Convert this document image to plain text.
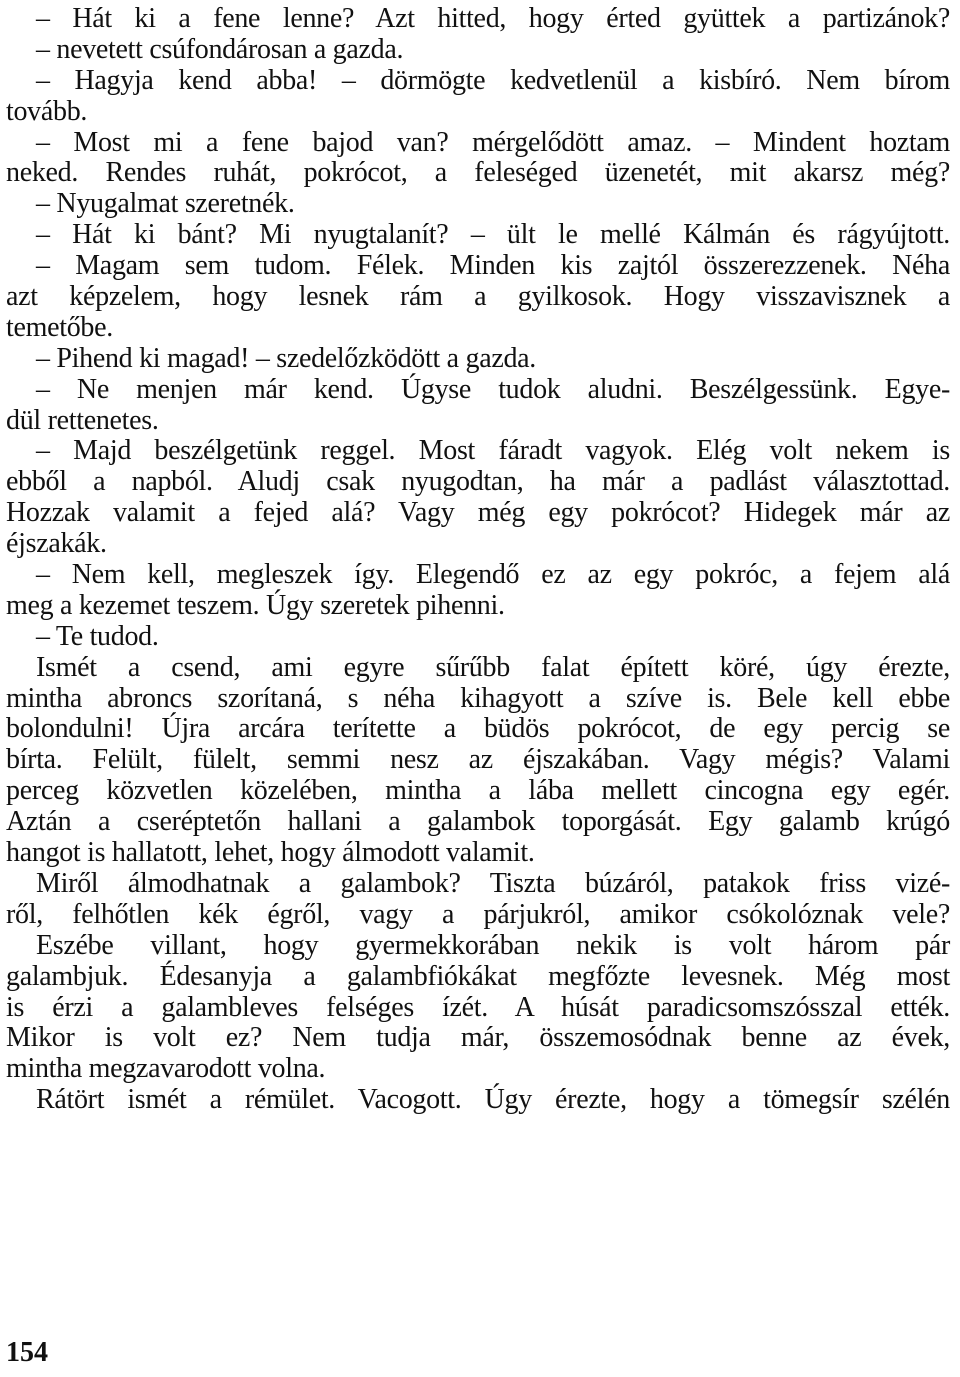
– Hát ki a fene lenne? Azt hitted, hogy érted gyüttek a partizánok?
– nevetett csúfondárosan a gazda.
– Hagyja kend abba! – dörmögte kedvetlenül a kisbíró. Nem bírom
tovább.
– Most mi a fene bajod van? mérgelődött amaz. – Mindent hoztam
neked. Rendes ruhát, pokrócot, a feleséged üzenetét, mit akarsz még?
– Nyugalmat szeretnék.
– Hát ki bánt? Mi nyugtalanít? – ült le mellé Kálmán és rágyújtott.
– Magam sem tudom. Félek. Minden kis zajtól összerezzenek. Néha
azt képzelem, hogy lesnek rám a gyilkosok. Hogy visszavisznek a
temetőbe.
– Pihend ki magad! – szedelőzködött a gazda.
– Ne menjen már kend. Úgyse tudok aludni. Beszélgessünk. Egye-
dül rettenetes.
– Majd beszélgetünk reggel. Most fáradt vagyok. Elég volt nekem is
ebből a napból. Aludj csak nyugodtan, ha már a padlást választottad.
Hozzak valamit a fejed alá? Vagy még egy pokrócot? Hidegek már az
éjszakák.
– Nem kell, megleszek így. Elegendő ez az egy pokróc, a fejem alá
meg a kezemet teszem. Úgy szeretek pihenni.
– Te tudod.
Ismét a csend, ami egyre sűrűbb falat épített köré, úgy érezte,
mintha abroncs szorítaná, s néha kihagyott a szíve is. Bele kell ebbe
bolondulni! Újra arcára terítette a büdös pokrócot, de egy percig se
bírta. Felült, fülelt, semmi nesz az éjszakában. Vagy mégis? Valami
perceg közvetlen közelében, mintha a lába mellett cincogna egy egér.
Aztán a cseréptetőn hallani a galambok toporgását. Egy galamb krúgó
hangot is hallatott, lehet, hogy álmodott valamit.
Miről álmodhatnak a galambok? Tiszta búzáról, patakok friss vizé-
ről, felhőtlen kék égről, vagy a párjukról, amikor csókolóznak vele?
Eszébe villant, hogy gyermekkorában nekik is volt három pár
galambjuk. Édesanyja a galambfiókákat megfőzte levesnek. Még most
is érzi a galambleves felséges ízét. A húsát paradicsomszósszal ették.
Mikor is volt ez? Nem tudja már, összemosódnak benne az évek,
mintha megzavarodott volna.
Rátört ismét a rémület. Vacogott. Úgy érezte, hogy a tömegsír szélén
154
